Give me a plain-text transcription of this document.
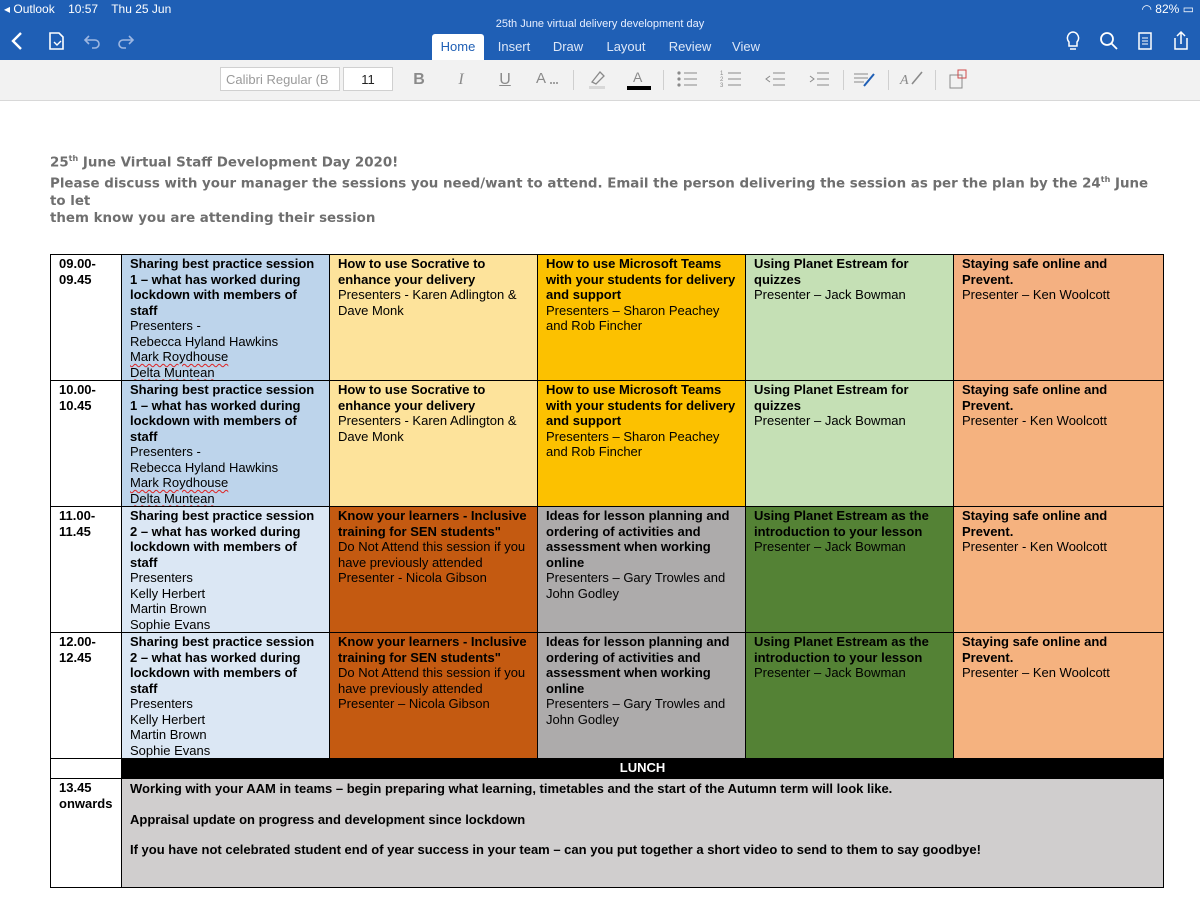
◂ Outlook 10:57 Thu 25 Jun	◠ 82% ▭
25th June virtual delivery development day
Home	Insert	Draw	Layout	Review	View
Calibri Regular (B	11	B	I	U	A	A	1
2
3	A
25th June Virtual Staff Development Day 2020!
Please discuss with your manager the sessions you need/want to attend. Email the person delivering the session as per the plan by the 24th June to let
them know you are attending their session
09.00-
09.45	Sharing best practice session 1 – what has worked during lockdown with members of staff
Presenters -
Rebecca Hyland Hawkins
Mark Roydhouse
Delta Muntean	How to use Socrative to enhance your delivery
Presenters - Karen Adlington & Dave Monk	How to use Microsoft Teams with your students for delivery and support
Presenters – Sharon Peachey and Rob Fincher	Using Planet Estream for quizzes
Presenter – Jack Bowman	Staying safe online and Prevent.
Presenter – Ken Woolcott

10.00-
10.45	Sharing best practice session 1 – what has worked during lockdown with members of staff
Presenters -
Rebecca Hyland Hawkins
Mark Roydhouse
Delta Muntean	How to use Socrative to enhance your delivery
Presenters - Karen Adlington & Dave Monk	How to use Microsoft Teams with your students for delivery and support
Presenters – Sharon Peachey and Rob Fincher	Using Planet Estream for quizzes
Presenter – Jack Bowman	Staying safe online and Prevent.
Presenter - Ken Woolcott

11.00-
11.45	Sharing best practice session 2 – what has worked during lockdown with members of staff
Presenters
Kelly Herbert
Martin Brown
Sophie Evans	Know your learners - Inclusive training for SEN students"
Do Not Attend this session if you have previously attended
Presenter - Nicola Gibson	Ideas for lesson planning and ordering of activities and assessment when working online
Presenters – Gary Trowles and John Godley	Using Planet Estream as the introduction to your lesson
Presenter – Jack Bowman	Staying safe online and Prevent.
Presenter - Ken Woolcott

12.00-
12.45	Sharing best practice session 2 – what has worked during lockdown with members of staff
Presenters
Kelly Herbert
Martin Brown
Sophie Evans	Know your learners - Inclusive training for SEN students"
Do Not Attend this session if you have previously attended
Presenter – Nicola Gibson	Ideas for lesson planning and ordering of activities and assessment when working online
Presenters – Gary Trowles and John Godley	Using Planet Estream as the introduction to your lesson
Presenter – Jack Bowman	Staying safe online and Prevent.
Presenter – Ken Woolcott

	LUNCH				

13.45
onwards	Working with your AAM in teams – begin preparing what learning, timetables and the start of the Autumn term will look like.
Appraisal update on progress and development since lockdown
If you have not celebrated student end of year success in your team – can you put together a short video to send to them to say goodbye!				
